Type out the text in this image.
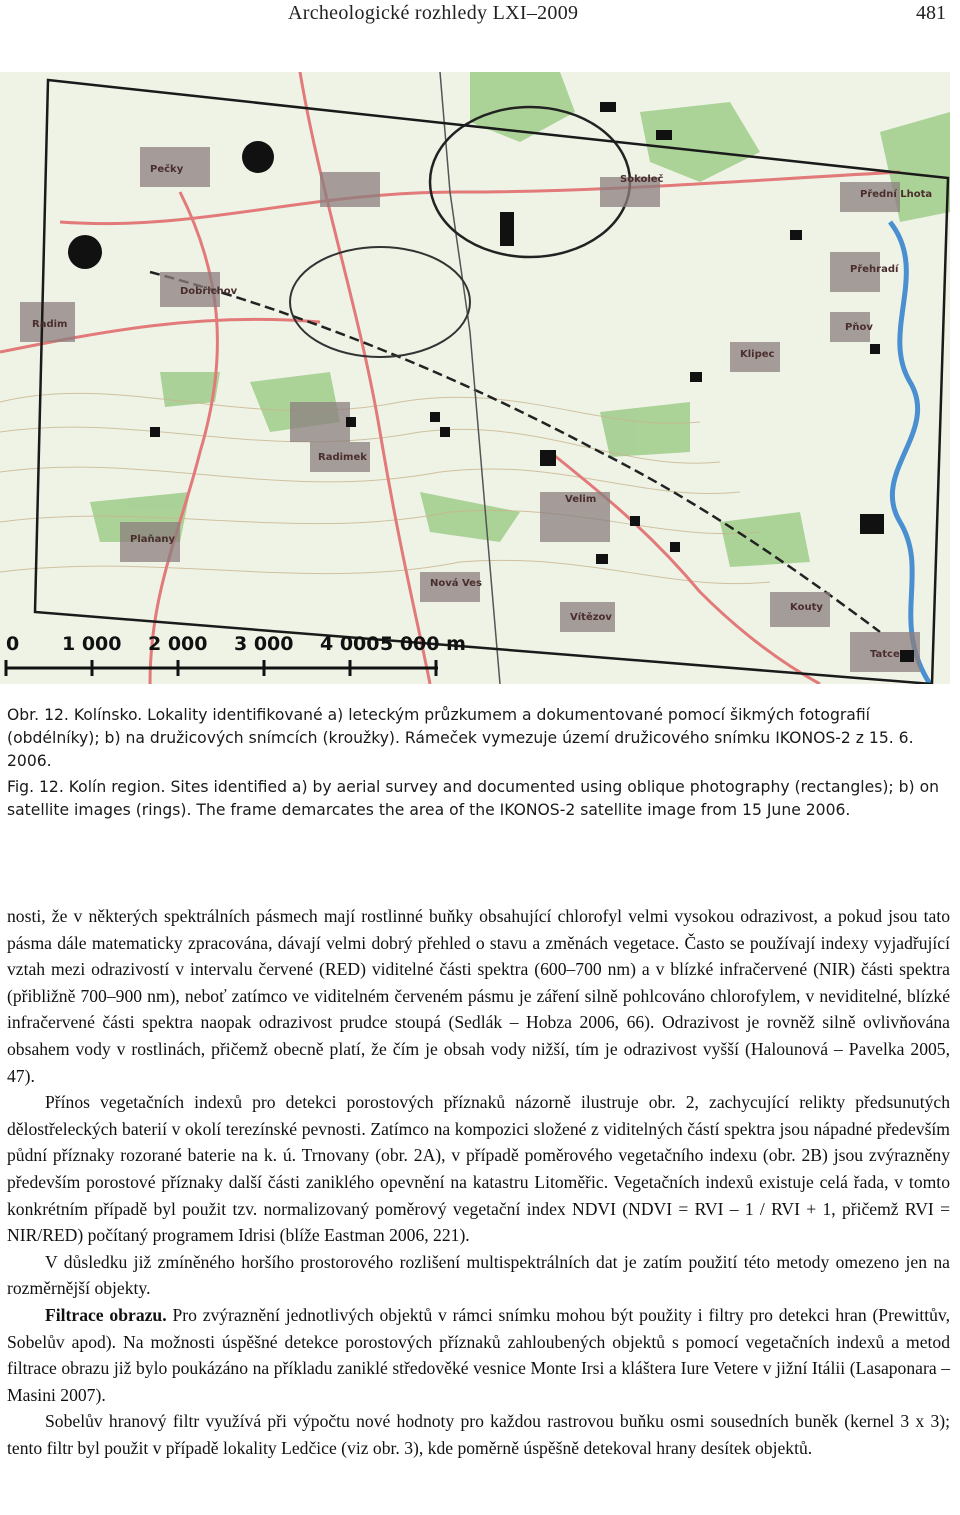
Archeologické rozhledy LXI–2009	481
Pečky
Sokoleč
Dobřichov
Radim
Přední Lhota
Přehradí
Pňov
Klipec
Radimek
Plaňany
Velim
Vítězov
Nová Ves
Kouty
Tatce
0 1 000 2 000 3 000 4 000 5 000 m

Obr. 12. Kolínsko. Lokality identifikované a) leteckým průzkumem a dokumentované pomocí šikmých fotografií (obdélníky); b) na družicových snímcích (kroužky). Rámeček vymezuje území družicového snímku IKONOS-2 z 15. 6. 2006.

Fig. 12. Kolín region. Sites identified a) by aerial survey and documented using oblique photography (rectangles); b) on satellite images (rings). The frame demarcates the area of the IKONOS-2 satellite image from 15 June 2006.

nosti, že v některých spektrálních pásmech mají rostlinné buňky obsahující chlorofyl velmi vysokou odrazivost, a pokud jsou tato pásma dále matematicky zpracována, dávají velmi dobrý přehled o stavu a změnách vegetace. Často se používají indexy vyjadřující vztah mezi odrazivostí v intervalu červené (RED) viditelné části spektra (600–700 nm) a v blízké infračervené (NIR) části spektra (přibližně 700–900 nm), neboť zatímco ve viditelném červeném pásmu je záření silně pohlcováno chlorofylem, v neviditelné, blízké infračervené části spektra naopak odrazivost prudce stoupá (Sedlák – Hobza 2006, 66). Odrazivost je rovněž silně ovlivňována obsahem vody v rostlinách, přičemž obecně platí, že čím je obsah vody nižší, tím je odrazivost vyšší (Halounová – Pavelka 2005, 47).

Přínos vegetačních indexů pro detekci porostových příznaků názorně ilustruje obr. 2, zachycující relikty předsunutých dělostřeleckých baterií v okolí terezínské pevnosti. Zatímco na kompozici složené z viditelných částí spektra jsou nápadné především půdní příznaky rozorané baterie na k. ú. Trnovany (obr. 2A), v případě poměrového vegetačního indexu (obr. 2B) jsou zvýrazněny především porostové příznaky další části zaniklého opevnění na katastru Litoměřic. Vegetačních indexů existuje celá řada, v tomto konkrétním případě byl použit tzv. normalizovaný poměrový vegetační index NDVI (NDVI = RVI – 1 / RVI + 1, přičemž RVI = NIR/RED) počítaný programem Idrisi (blíže Eastman 2006, 221).

V důsledku již zmíněného horšího prostorového rozlišení multispektrálních dat je zatím použití této metody omezeno jen na rozměrnější objekty.

Filtrace obrazu. Pro zvýraznění jednotlivých objektů v rámci snímku mohou být použity i filtry pro detekci hran (Prewittův, Sobelův apod). Na možnosti úspěšné detekce porostových příznaků zahloubených objektů s pomocí vegetačních indexů a metod filtrace obrazu již bylo poukázáno na příkladu zaniklé středověké vesnice Monte Irsi a kláštera Iure Vetere v jižní Itálii (Lasaponara – Masini 2007).

Sobelův hranový filtr využívá při výpočtu nové hodnoty pro každou rastrovou buňku osmi sousedních buněk (kernel 3 x 3); tento filtr byl použit v případě lokality Ledčice (viz obr. 3), kde poměrně úspěšně detekoval hrany desítek objektů.
